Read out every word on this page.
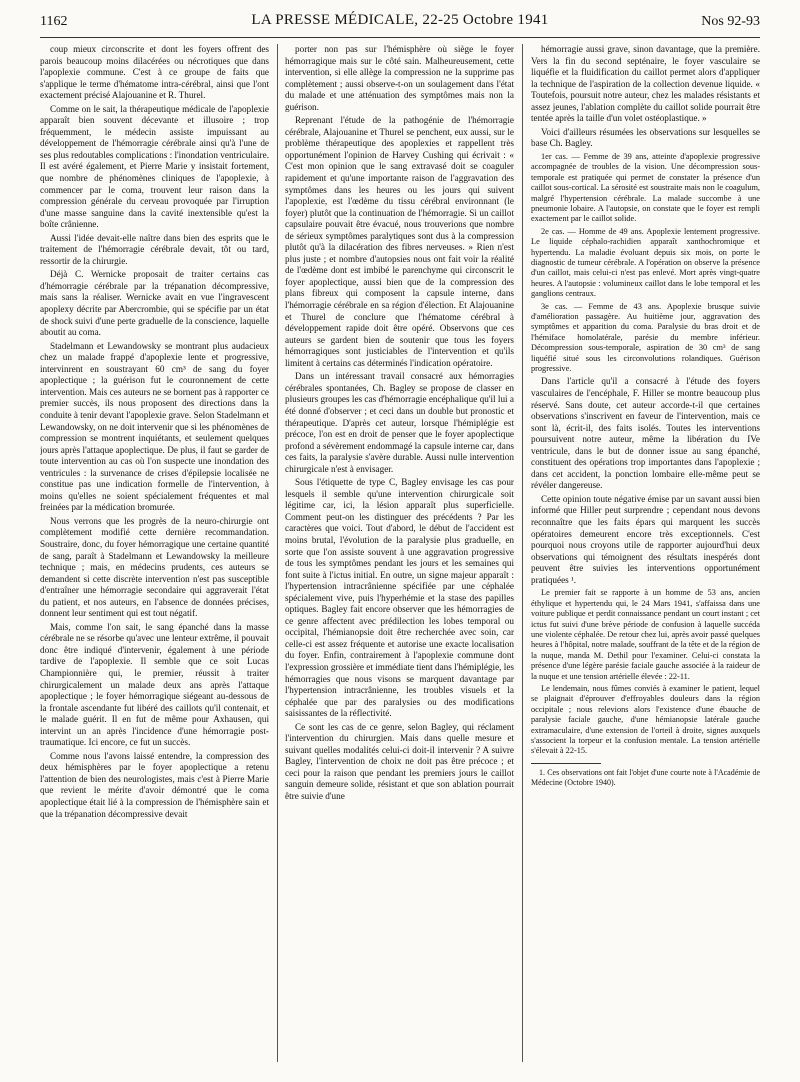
1162	LA PRESSE MÉDICALE, 22-25 Octobre 1941	Nos 92-93

coup mieux circonscrite et dont les foyers offrent des parois beaucoup moins dilacérées ou nécrotiques que dans l'apoplexie commune. C'est à ce groupe de faits que s'applique le terme d'hématome intra-cérébral, ainsi que l'ont exactement précisé Alajouanine et R. Thurel.

Comme on le sait, la thérapeutique médicale de l'apoplexie apparaît bien souvent décevante et illusoire ; trop fréquemment, le médecin assiste impuissant au développement de l'hémorragie cérébrale ainsi qu'à l'une de ses plus redoutables complications : l'inondation ventriculaire. Il est avéré également, et Pierre Marie y insistait fortement, que nombre de phénomènes cliniques de l'apoplexie, à commencer par le coma, trouvent leur raison dans la compression générale du cerveau provoquée par l'irruption d'une masse sanguine dans la cavité inextensible qu'est la boîte crânienne.

Aussi l'idée devait-elle naître dans bien des esprits que le traitement de l'hémorragie cérébrale devait, tôt ou tard, ressortir de la chirurgie.

Déjà C. Wernicke proposait de traiter certains cas d'hémorragie cérébrale par la trépanation décompressive, mais sans la réaliser. Wernicke avait en vue l'ingravescent apoplexy décrite par Abercrombie, qui se spécifie par un état de shock suivi d'une perte graduelle de la conscience, laquelle aboutit au coma.

Stadelmann et Lewandowsky se montrant plus audacieux chez un malade frappé d'apoplexie lente et progressive, intervinrent en soustrayant 60 cm³ de sang du foyer apoplectique ; la guérison fut le couronnement de cette intervention. Mais ces auteurs ne se bornent pas à rapporter ce premier succès, ils nous proposent des directions dans la conduite à tenir devant l'apoplexie grave. Selon Stadelmann et Lewandowsky, on ne doit intervenir que si les phénomènes de compression se montrent inquiétants, et seulement quelques jours après l'attaque apoplectique. De plus, il faut se garder de toute intervention au cas où l'on suspecte une inondation des ventricules : la survenance de crises d'épilepsie localisée ne constitue pas une indication formelle de l'intervention, à moins qu'elles ne soient spécialement fréquentes et mal freinées par la médication bromurée.

Nous verrons que les progrès de la neuro-chirurgie ont complètement modifié cette dernière recommandation. Soustraire, donc, du foyer hémorragique une certaine quantité de sang, paraît à Stadelmann et Lewandowsky la meilleure technique ; mais, en médecins prudents, ces auteurs se demandent si cette discrète intervention n'est pas susceptible d'entraîner une hémorragie secondaire qui aggraverait l'état du patient, et nos auteurs, en l'absence de données précises, donnent leur sentiment qui est tout négatif.

Mais, comme l'on sait, le sang épanché dans la masse cérébrale ne se résorbe qu'avec une lenteur extrême, il pouvait donc être indiqué d'intervenir, également à une période tardive de l'apoplexie. Il semble que ce soit Lucas Championnière qui, le premier, réussit à traiter chirurgicalement un malade deux ans après l'attaque apoplectique ; le foyer hémorragique siégeant au-dessous de la frontale ascendante fut libéré des caillots qu'il contenait, et le malade guérit. Il en fut de même pour Axhausen, qui intervint un an après l'incidence d'une hémorragie post-traumatique. Ici encore, ce fut un succès.

Comme nous l'avons laissé entendre, la compression des deux hémisphères par le foyer apoplectique a retenu l'attention de bien des neurologistes, mais c'est à Pierre Marie que revient le mérite d'avoir démontré que le coma apoplectique était lié à la compression de l'hémisphère sain et que la trépanation décompressive devait

porter non pas sur l'hémisphère où siège le foyer hémorragique mais sur le côté sain. Malheureusement, cette intervention, si elle allège la compression ne la supprime pas complètement ; aussi observe-t-on un soulagement dans l'état du malade et une atténuation des symptômes mais non la guérison.

Reprenant l'étude de la pathogénie de l'hémorragie cérébrale, Alajouanine et Thurel se penchent, eux aussi, sur le problème thérapeutique des apoplexies et rappellent très opportunément l'opinion de Harvey Cushing qui écrivait : « C'est mon opinion que le sang extravasé doit se coaguler rapidement et qu'une importante raison de l'aggravation des symptômes dans les heures ou les jours qui suivent l'apoplexie, est l'œdème du tissu cérébral environnant (le foyer) plutôt que la continuation de l'hémorragie. Si un caillot capsulaire pouvait être évacué, nous trouverions que nombre de sérieux symptômes paralytiques sont dus à la compression plutôt qu'à la dilacération des fibres nerveuses. » Rien n'est plus juste ; et nombre d'autopsies nous ont fait voir la réalité de l'œdème dont est imbibé le parenchyme qui circonscrit le foyer apoplectique, aussi bien que de la compression des plans fibreux qui composent la capsule interne, dans l'hémorragie cérébrale en sa région d'élection. Et Alajouanine et Thurel de conclure que l'hématome cérébral à développement rapide doit être opéré. Observons que ces auteurs se gardent bien de soutenir que tous les foyers hémorragiques sont justiciables de l'intervention et qu'ils limitent à certains cas déterminés l'indication opératoire.

Dans un intéressant travail consacré aux hémorragies cérébrales spontanées, Ch. Bagley se propose de classer en plusieurs groupes les cas d'hémorragie encéphalique qu'il lui a été donné d'observer ; et ceci dans un double but pronostic et thérapeutique. D'après cet auteur, lorsque l'hémiplégie est précoce, l'on est en droit de penser que le foyer apoplectique profond a sévèrement endommagé la capsule interne car, dans ces faits, la paralysie s'avère durable. Aussi nulle intervention chirurgicale n'est à envisager.

Sous l'étiquette de type C, Bagley envisage les cas pour lesquels il semble qu'une intervention chirurgicale soit légitime car, ici, la lésion apparaît plus superficielle. Comment peut-on les distinguer des précédents ? Par les caractères que voici. Tout d'abord, le début de l'accident est moins brutal, l'évolution de la paralysie plus graduelle, en sorte que l'on assiste souvent à une aggravation progressive de tous les symptômes pendant les jours et les semaines qui font suite à l'ictus initial. En outre, un signe majeur apparaît : l'hypertension intracrânienne spécifiée par une céphalée spécialement vive, puis l'hyperhémie et la stase des papilles optiques. Bagley fait encore observer que les hémorragies de ce genre affectent avec prédilection les lobes temporal ou occipital, l'hémianopsie doit être recherchée avec soin, car celle-ci est assez fréquente et autorise une exacte localisation du foyer. Enfin, contrairement à l'apoplexie commune dont l'expression grossière et immédiate tient dans l'hémiplégie, les hémorragies que nous visons se marquent davantage par l'hypertension intracrânienne, les troubles visuels et la céphalée que par des paralysies ou des modifications saisissantes de la réflectivité.

Ce sont les cas de ce genre, selon Bagley, qui réclament l'intervention du chirurgien. Mais dans quelle mesure et suivant quelles modalités celui-ci doit-il intervenir ? A suivre Bagley, l'intervention de choix ne doit pas être précoce ; et ceci pour la raison que pendant les premiers jours le caillot sanguin demeure solide, résistant et que son ablation pourrait être suivie d'une

hémorragie aussi grave, sinon davantage, que la première. Vers la fin du second septénaire, le foyer vasculaire se liquéfie et la fluidification du caillot permet alors d'appliquer la technique de l'aspiration de la collection devenue liquide. « Toutefois, poursuit notre auteur, chez les malades résistants et assez jeunes, l'ablation complète du caillot solide pourrait être tentée après la taille d'un volet ostéoplastique. »

Voici d'ailleurs résumées les observations sur lesquelles se base Ch. Bagley.

1er cas. — Femme de 39 ans, atteinte d'apoplexie progressive accompagnée de troubles de la vision. Une décompression sous-temporale est pratiquée qui permet de constater la présence d'un caillot sous-cortical. La sérosité est soustraite mais non le coagulum, malgré l'hypertension cérébrale. La malade succombe à une pneumonie lobaire. A l'autopsie, on constate que le foyer est rempli exactement par le caillot solide.

2e cas. — Homme de 49 ans. Apoplexie lentement progressive. Le liquide céphalo-rachidien apparaît xanthochromique et hypertendu. La maladie évoluant depuis six mois, on porte le diagnostic de tumeur cérébrale. A l'opération on observe la présence d'un caillot, mais celui-ci n'est pas enlevé. Mort après vingt-quatre heures. A l'autopsie : volumineux caillot dans le lobe temporal et les ganglions centraux.

3e cas. — Femme de 43 ans. Apoplexie brusque suivie d'amélioration passagère. Au huitième jour, aggravation des symptômes et apparition du coma. Paralysie du bras droit et de l'hémiface homolatérale, parésie du membre inférieur. Décompression sous-temporale, aspiration de 30 cm³ de sang liquéfié situé sous les circonvolutions rolandiques. Guérison progressive.

Dans l'article qu'il a consacré à l'étude des foyers vasculaires de l'encéphale, F. Hiller se montre beaucoup plus réservé. Sans doute, cet auteur accorde-t-il que certaines observations s'inscrivent en faveur de l'intervention, mais ce sont là, écrit-il, des faits isolés. Toutes les interventions poursuivent notre auteur, même la libération du IVe ventricule, dans le but de donner issue au sang épanché, constituent des opérations trop importantes dans l'apoplexie ; dans cet accident, la ponction lombaire elle-même peut se révéler dangereuse.

Cette opinion toute négative émise par un savant aussi bien informé que Hiller peut surprendre ; cependant nous devons reconnaître que les faits épars qui marquent les succès opératoires demeurent encore très exceptionnels. C'est pourquoi nous croyons utile de rapporter aujourd'hui deux observations qui témoignent des résultats inespérés dont peuvent être suivies les interventions opportunément pratiquées ¹.

Le premier fait se rapporte à un homme de 53 ans, ancien éthylique et hypertendu qui, le 24 Mars 1941, s'affaissa dans une voiture publique et perdit connaissance pendant un court instant ; cet ictus fut suivi d'une brève période de confusion à laquelle succéda une violente céphalée. De retour chez lui, après avoir passé quelques heures à l'hôpital, notre malade, souffrant de la tête et de la région de la nuque, manda M. Dethil pour l'examiner. Celui-ci constata la présence d'une légère parésie faciale gauche associée à la raideur de la nuque et une tension artérielle élevée : 22-11.

Le lendemain, nous fûmes conviés à examiner le patient, lequel se plaignait d'éprouver d'effroyables douleurs dans la région occipitale ; nous relevions alors l'existence d'une ébauche de paralysie faciale gauche, d'une hémianopsie latérale gauche extramaculaire, d'une extension de l'orteil à droite, signes auxquels s'associent la torpeur et la confusion mentale. La tension artérielle s'élevait à 22-15.

1. Ces observations ont fait l'objet d'une courte note à l'Académie de Médecine (Octobre 1940).
